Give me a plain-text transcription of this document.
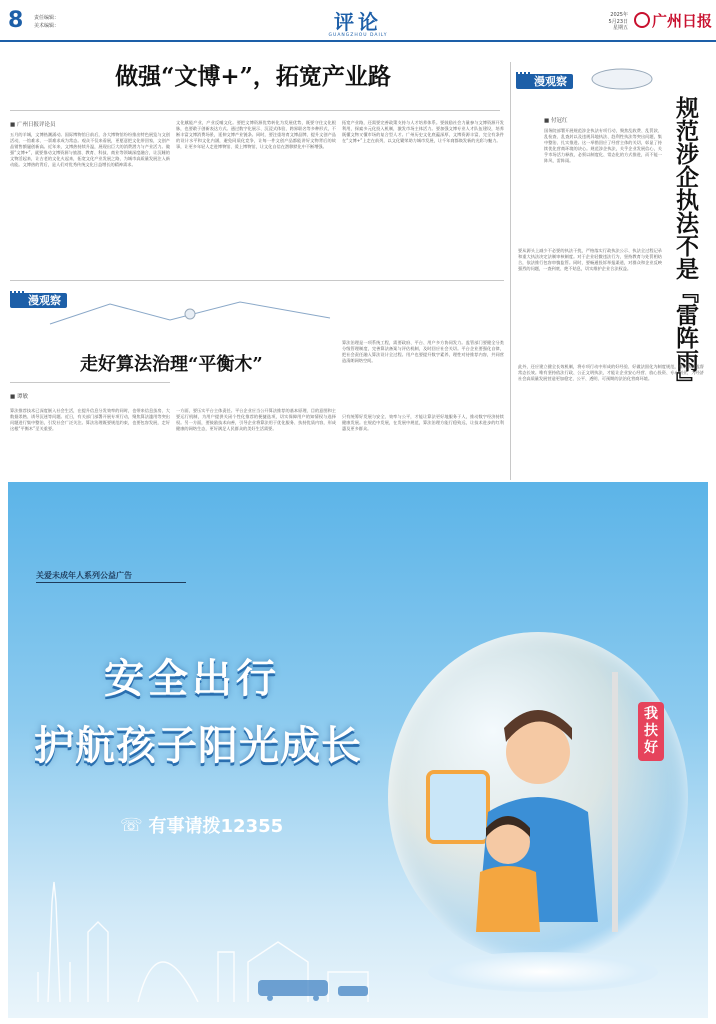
8 责任编辑：
美术编辑：	评论
GUANGZHOU DAILY
2025年
5月23日
星期五 广州日报
做强“文博+”，拓宽产业路
■ 广州日报评论员
五月的羊城，文博热潮涌动。国际博物馆日前后，各大博物馆纷纷推出特色展览与文创活动，一馆难求、一票难求成为常态。观众不仅来看展，更愿意把文化带回家，文创产品销售额屡创新高。近年来，文博热持续升温，展现出巨大的消费潜力与产业活力。做强“文博+”，就要推动文博资源与旅游、教育、科技、商业等领域深度融合，让沉睡的文物活起来，让古老的文化火起来，拓宽文化产业发展之路，为城市高质量发展注入新动能。文博热的背后，是人们对优秀传统文化日益增长的精神需求。
文化赋能产业，产业反哺文化。要把文博资源优势转化为发展优势，既要守住文化根脉，也要敢于创新表达方式。通过数字化展示、沉浸式体验、跨界联名等多种形式，不断丰富文博消费场景，延伸文博产业链条。同时，要注重培育文博品牌，提升文创产品的设计水平和文化内涵，避免同质化竞争，让每一件文创产品都能讲好文物背后的故事，让更多年轻人走进博物馆、爱上博物馆，让文化自信在潜移默化中不断增强。
拓宽产业路，还需要完善政策支持与人才培养体系。要鼓励社会力量参与文博资源开发利用，探索多元化投入机制，激发市场主体活力。要加强文博专业人才队伍建设，培养既懂文物又懂市场的复合型人才。广州历史文化底蕴深厚，文博资源丰富，完全有条件在“文博+”上走在前列，以文化繁荣助力城市发展，让千年商都焕发新的光彩与魅力。
漫观察
走好算法治理“平衡木”
■ 谭敏
算法推荐技术已深度嵌入社会生活，在提升信息分发效率的同时，也带来信息茧房、大数据杀熟、诱导沉迷等问题。近日，有关部门部署开展专项行动，聚焦算法滥用等突出问题进行集中整治，引发社会广泛关注。算法治理既要规范约束，也要包容发展，走好这根“平衡木”至关重要。
一方面，要压实平台主体责任。平台企业应当公开算法推荐的基本原理、目的意图和主要运行机制，为用户提供关闭个性化推荐的便捷选项，切实保障用户的知情权与选择权。另一方面，要鼓励技术向善，引导企业将算法用于优化服务、扶持优质内容，形成健康的网络生态，更好满足人民群众的美好生活需要。
算法治理是一项系统工程，需要政府、平台、用户多方协同发力。监管部门要健全分类分级管理制度，完善算法备案与评估机制，及时回应社会关切。平台企业要强化自律，把社会责任融入算法设计全过程。用户也要提升数字素养，理性对待推荐内容，共同营造清朗网络空间。
只有统筹好发展与安全、效率与公平，才能让算法更好地服务于人，推动数字经济持续健康发展。在规范中发展，在发展中规范，算法治理方能行稳致远，让技术进步的红利惠及更多群众。
漫观察
规范涉企执法不是『雷阵雨』
■ 付冠红
国务院部署开展规范涉企执法专项行动，聚焦乱收费、乱罚款、乱检查、乱查封以及违规异地执法、趋利性执法等突出问题，集中整治、扎实推进。这一举措回应了经营主体的关切，彰显了持续优化营商环境的决心。规范涉企执法，关乎企业发展信心，关乎市场活力释放，必须以制度化、常态化的方式推进，而不能一阵风、雷阵雨。
要从源头上减少不必要的执法干扰，严格落实行政执法公示、执法全过程记录和重大执法决定法制审核制度。对于企业轻微违法行为，坚持教育与处罚相结合，依法推行包容审慎监管。同时，要畅通投诉举报渠道，对群众和企业反映强烈的问题，一查到底、绝不姑息，切实维护企业合法权益。
此外，还应建立健全长效机制，将专项行动中形成的好经验、好做法固化为制度规范，推动执法监督常态长效。唯有坚持依法行政、公正文明执法，才能让企业安心经营、放心投资、专心创业，为经济社会高质量发展营造更加稳定、公平、透明、可预期的法治化营商环境。
关爱未成年人系列公益广告
安全出行
护航孩子阳光成长
☏ 有事请拨12355
我扶好
